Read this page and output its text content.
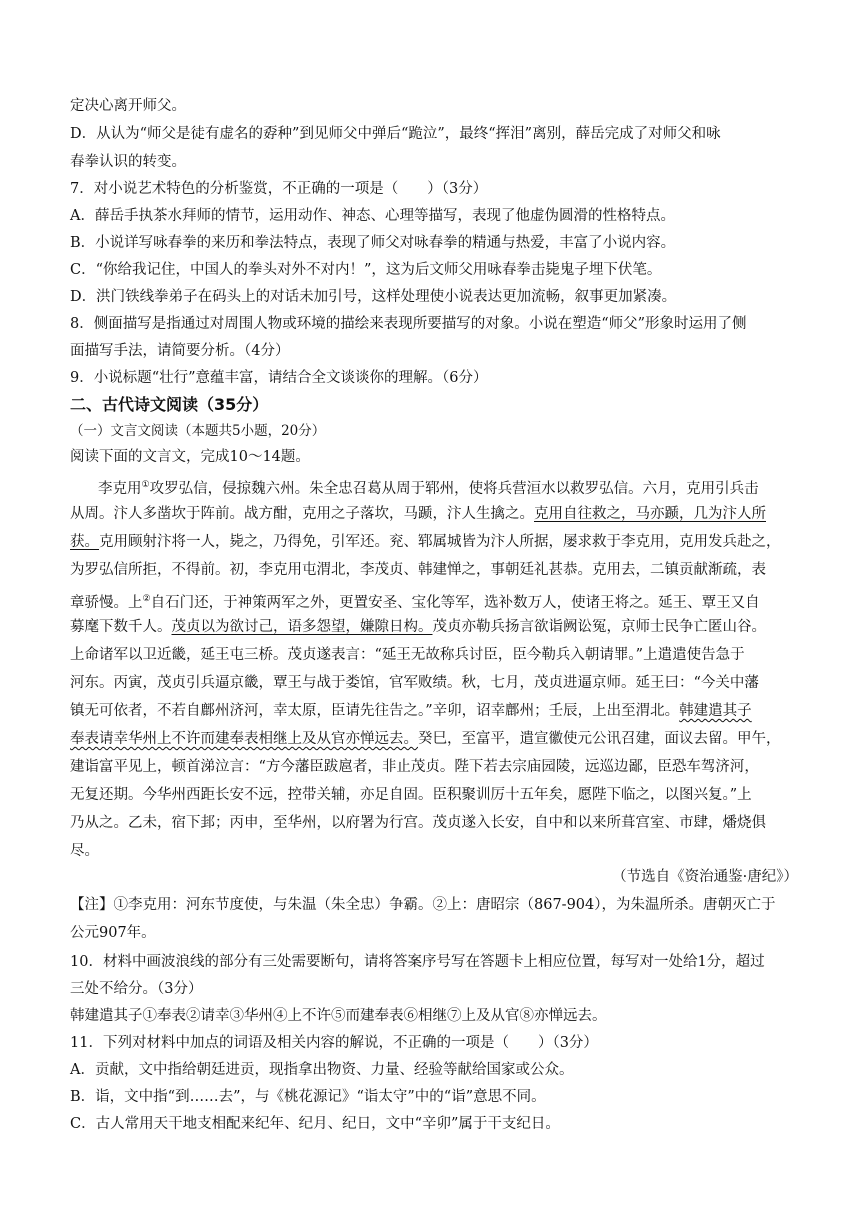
定决心离开师父。
D．从认为“师父是徒有虚名的孬种”到见师父中弹后“跪泣”，最终“挥泪”离别，薛岳完成了对师父和咏
春拳认识的转变。
7．对小说艺术特色的分析鉴赏，不正确的一项是（　　）（3分）
A．薛岳手执茶水拜师的情节，运用动作、神态、心理等描写，表现了他虚伪圆滑的性格特点。
B．小说详写咏春拳的来历和拳法特点，表现了师父对咏春拳的精通与热爱，丰富了小说内容。
C．“你给我记住，中国人的拳头对外不对内！”，这为后文师父用咏春拳击毙鬼子埋下伏笔。
D．洪门铁线拳弟子在码头上的对话未加引号，这样处理使小说表达更加流畅，叙事更加紧凑。
8．侧面描写是指通过对周围人物或环境的描绘来表现所要描写的对象。小说在塑造“师父”形象时运用了侧
面描写手法，请简要分析。（4分）
9．小说标题“壮行”意蕴丰富，请结合全文谈谈你的理解。（6分）
二、古代诗文阅读（35分）
（一）文言文阅读（本题共5小题，20分）
阅读下面的文言文，完成10～14题。
李克用①攻罗弘信，侵掠魏六州。朱全忠召葛从周于郓州，使将兵营洹水以救罗弘信。六月，克用引兵击
从周。汴人多凿坎于阵前。战方酣，克用之子落坎，马踬，汴人生擒之。克用自往救之，马亦踬，几为汴人所
获。克用顾射汴将一人，毙之，乃得免，引军还。兖、郓属城皆为汴人所据，屡求救于李克用，克用发兵赴之，
为罗弘信所拒，不得前。初，李克用屯渭北，李茂贞、韩建惮之，事朝廷礼甚恭。克用去，二镇贡献渐疏，表
章骄慢。上②自石门还，于神策两军之外，更置安圣、宝化等军，选补数万人，使诸王将之。延王、覃王又自
募麾下数千人。茂贞以为欲讨己，语多怨望，嫌隙日构。茂贞亦勒兵扬言欲诣阙讼冤，京师士民争亡匿山谷。
上命诸军以卫近畿，延王屯三桥。茂贞遂表言：“延王无故称兵讨臣，臣今勒兵入朝请罪。”上遣遣使告急于
河东。丙寅，茂贞引兵逼京畿，覃王与战于娄馆，官军败绩。秋，七月，茂贞进逼京师。延王曰：“今关中藩
镇无可依者，不若自鄜州济河，幸太原，臣请先往告之。”辛卯，诏幸鄜州；壬辰，上出至渭北。韩建遣其子
奉表请幸华州上不许而建奉表相继上及从官亦惮远去。癸巳，至富平，遣宣徽使元公讯召建，面议去留。甲午，
建诣富平见上，顿首涕泣言：“方今藩臣跋扈者，非止茂贞。陛下若去宗庙园陵，远巡边鄙，臣恐车驾济河，
无复还期。今华州西距长安不远，控带关辅，亦足自固。臣积聚训厉十五年矣，愿陛下临之，以图兴复。”上
乃从之。乙未，宿下邽；丙申，至华州，以府署为行宫。茂贞遂入长安，自中和以来所葺宫室、市肆，燔烧俱
尽。
（节选自《资治通鉴·唐纪》）
【注】①李克用：河东节度使，与朱温（朱全忠）争霸。②上：唐昭宗（867-904），为朱温所杀。唐朝灭亡于
公元907年。
10．材料中画波浪线的部分有三处需要断句，请将答案序号写在答题卡上相应位置，每写对一处给1分，超过
三处不给分。（3分）
韩建遣其子①奉表②请幸③华州④上不许⑤而建奉表⑥相继⑦上及从官⑧亦惮远去。
11．下列对材料中加点的词语及相关内容的解说，不正确的一项是（　　）（3分）
A．贡献，文中指给朝廷进贡，现指拿出物资、力量、经验等献给国家或公众。
B．诣，文中指“到……去”，与《桃花源记》“诣太守”中的“诣”意思不同。
C．古人常用天干地支相配来纪年、纪月、纪日，文中“辛卯”属于干支纪日。
